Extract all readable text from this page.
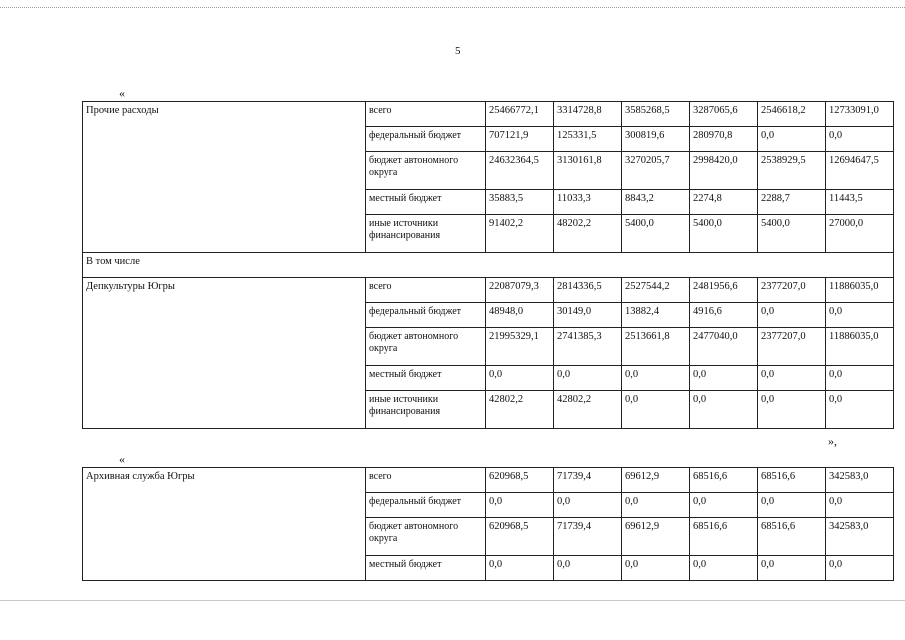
5
«
Прочие расходы	всего	25466772,1	3314728,8	3585268,5	3287065,6	2546618,2	12733091,0
	федеральный бюджет	707121,9	125331,5	300819,6	280970,8	0,0	0,0
	бюджет автономного округа	24632364,5	3130161,8	3270205,7	2998420,0	2538929,5	12694647,5
	местный бюджет	35883,5	11033,3	8843,2	2274,8	2288,7	11443,5
	иные источники финансирования	91402,2	48202,2	5400,0	5400,0	5400,0	27000,0
В том числе							
Депкультуры Югры	всего	22087079,3	2814336,5	2527544,2	2481956,6	2377207,0	11886035,0
	федеральный бюджет	48948,0	30149,0	13882,4	4916,6	0,0	0,0
	бюджет автономного округа	21995329,1	2741385,3	2513661,8	2477040,0	2377207,0	11886035,0
	местный бюджет	0,0	0,0	0,0	0,0	0,0	0,0
	иные источники финансирования	42802,2	42802,2	0,0	0,0	0,0	0,0
»,
«
Архивная служба Югры	всего	620968,5	71739,4	69612,9	68516,6	68516,6	342583,0
	федеральный бюджет	0,0	0,0	0,0	0,0	0,0	0,0
	бюджет автономного округа	620968,5	71739,4	69612,9	68516,6	68516,6	342583,0
	местный бюджет	0,0	0,0	0,0	0,0	0,0	0,0
